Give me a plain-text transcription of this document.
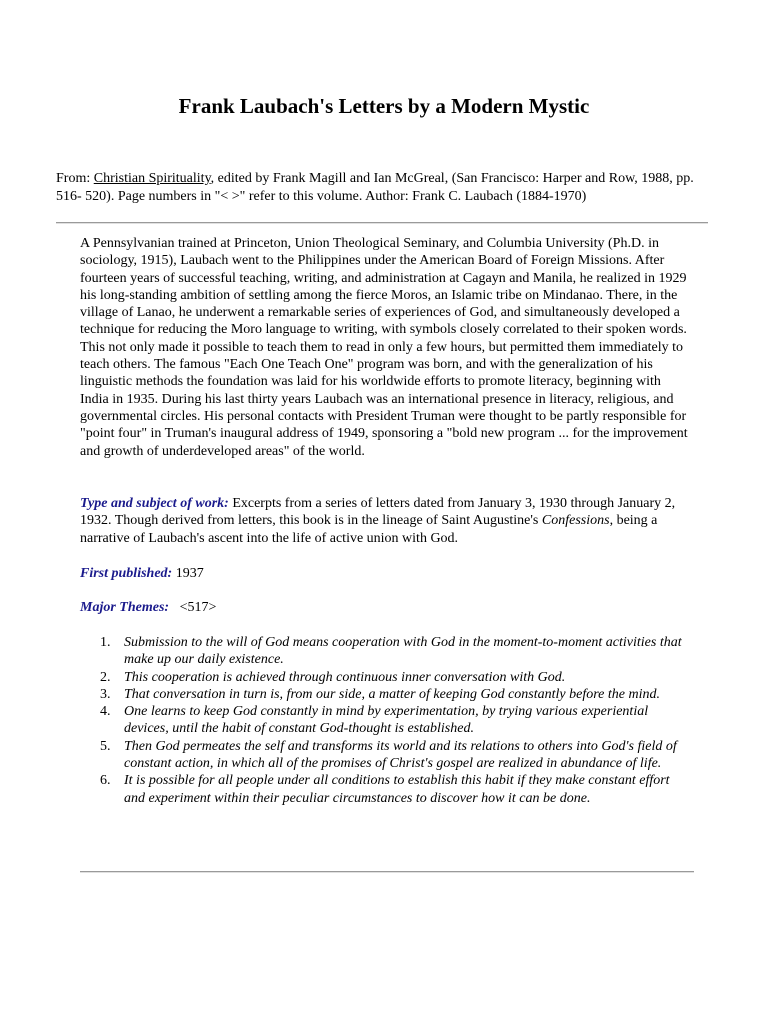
Frank Laubach's Letters by a Modern Mystic

From: Christian Spirituality, edited by Frank Magill and Ian McGreal, (San Francisco: Harper and Row, 1988, pp. 516- 520). Page numbers in "< >" refer to this volume. Author: Frank C. Laubach (1884-1970)

A Pennsylvanian trained at Princeton, Union Theological Seminary, and Columbia University (Ph.D. in sociology, 1915), Laubach went to the Philippines under the American Board of Foreign Missions. After fourteen years of successful teaching, writing, and administration at Cagayn and Manila, he realized in 1929 his long-standing ambition of settling among the fierce Moros, an Islamic tribe on Mindanao. There, in the village of Lanao, he underwent a remarkable series of experiences of God, and simultaneously developed a technique for reducing the Moro language to writing, with symbols closely correlated to their spoken words. This not only made it possible to teach them to read in only a few hours, but permitted them immediately to teach others. The famous "Each One Teach One" program was born, and with the generalization of his linguistic methods the foundation was laid for his worldwide efforts to promote literacy, beginning with India in 1935. During his last thirty years Laubach was an international presence in literacy, religious, and governmental circles. His personal contacts with President Truman were thought to be partly responsible for "point four" in Truman's inaugural address of 1949, sponsoring a "bold new program ... for the improvement and growth of underdeveloped areas" of the world.

Type and subject of work: Excerpts from a series of letters dated from January 3, 1930 through January 2, 1932. Though derived from letters, this book is in the lineage of Saint Augustine's Confessions, being a narrative of Laubach's ascent into the life of active union with God.

First published: 1937

Major Themes: <517>

1. Submission to the will of God means cooperation with God in the moment-to-moment activities that make up our daily existence.
2. This cooperation is achieved through continuous inner conversation with God.
3. That conversation in turn is, from our side, a matter of keeping God constantly before the mind.
4. One learns to keep God constantly in mind by experimentation, by trying various experiential devices, until the habit of constant God-thought is established.
5. Then God permeates the self and transforms its world and its relations to others into God's field of constant action, in which all of the promises of Christ's gospel are realized in abundance of life.
6. It is possible for all people under all conditions to establish this habit if they make constant effort and experiment within their peculiar circumstances to discover how it can be done.
